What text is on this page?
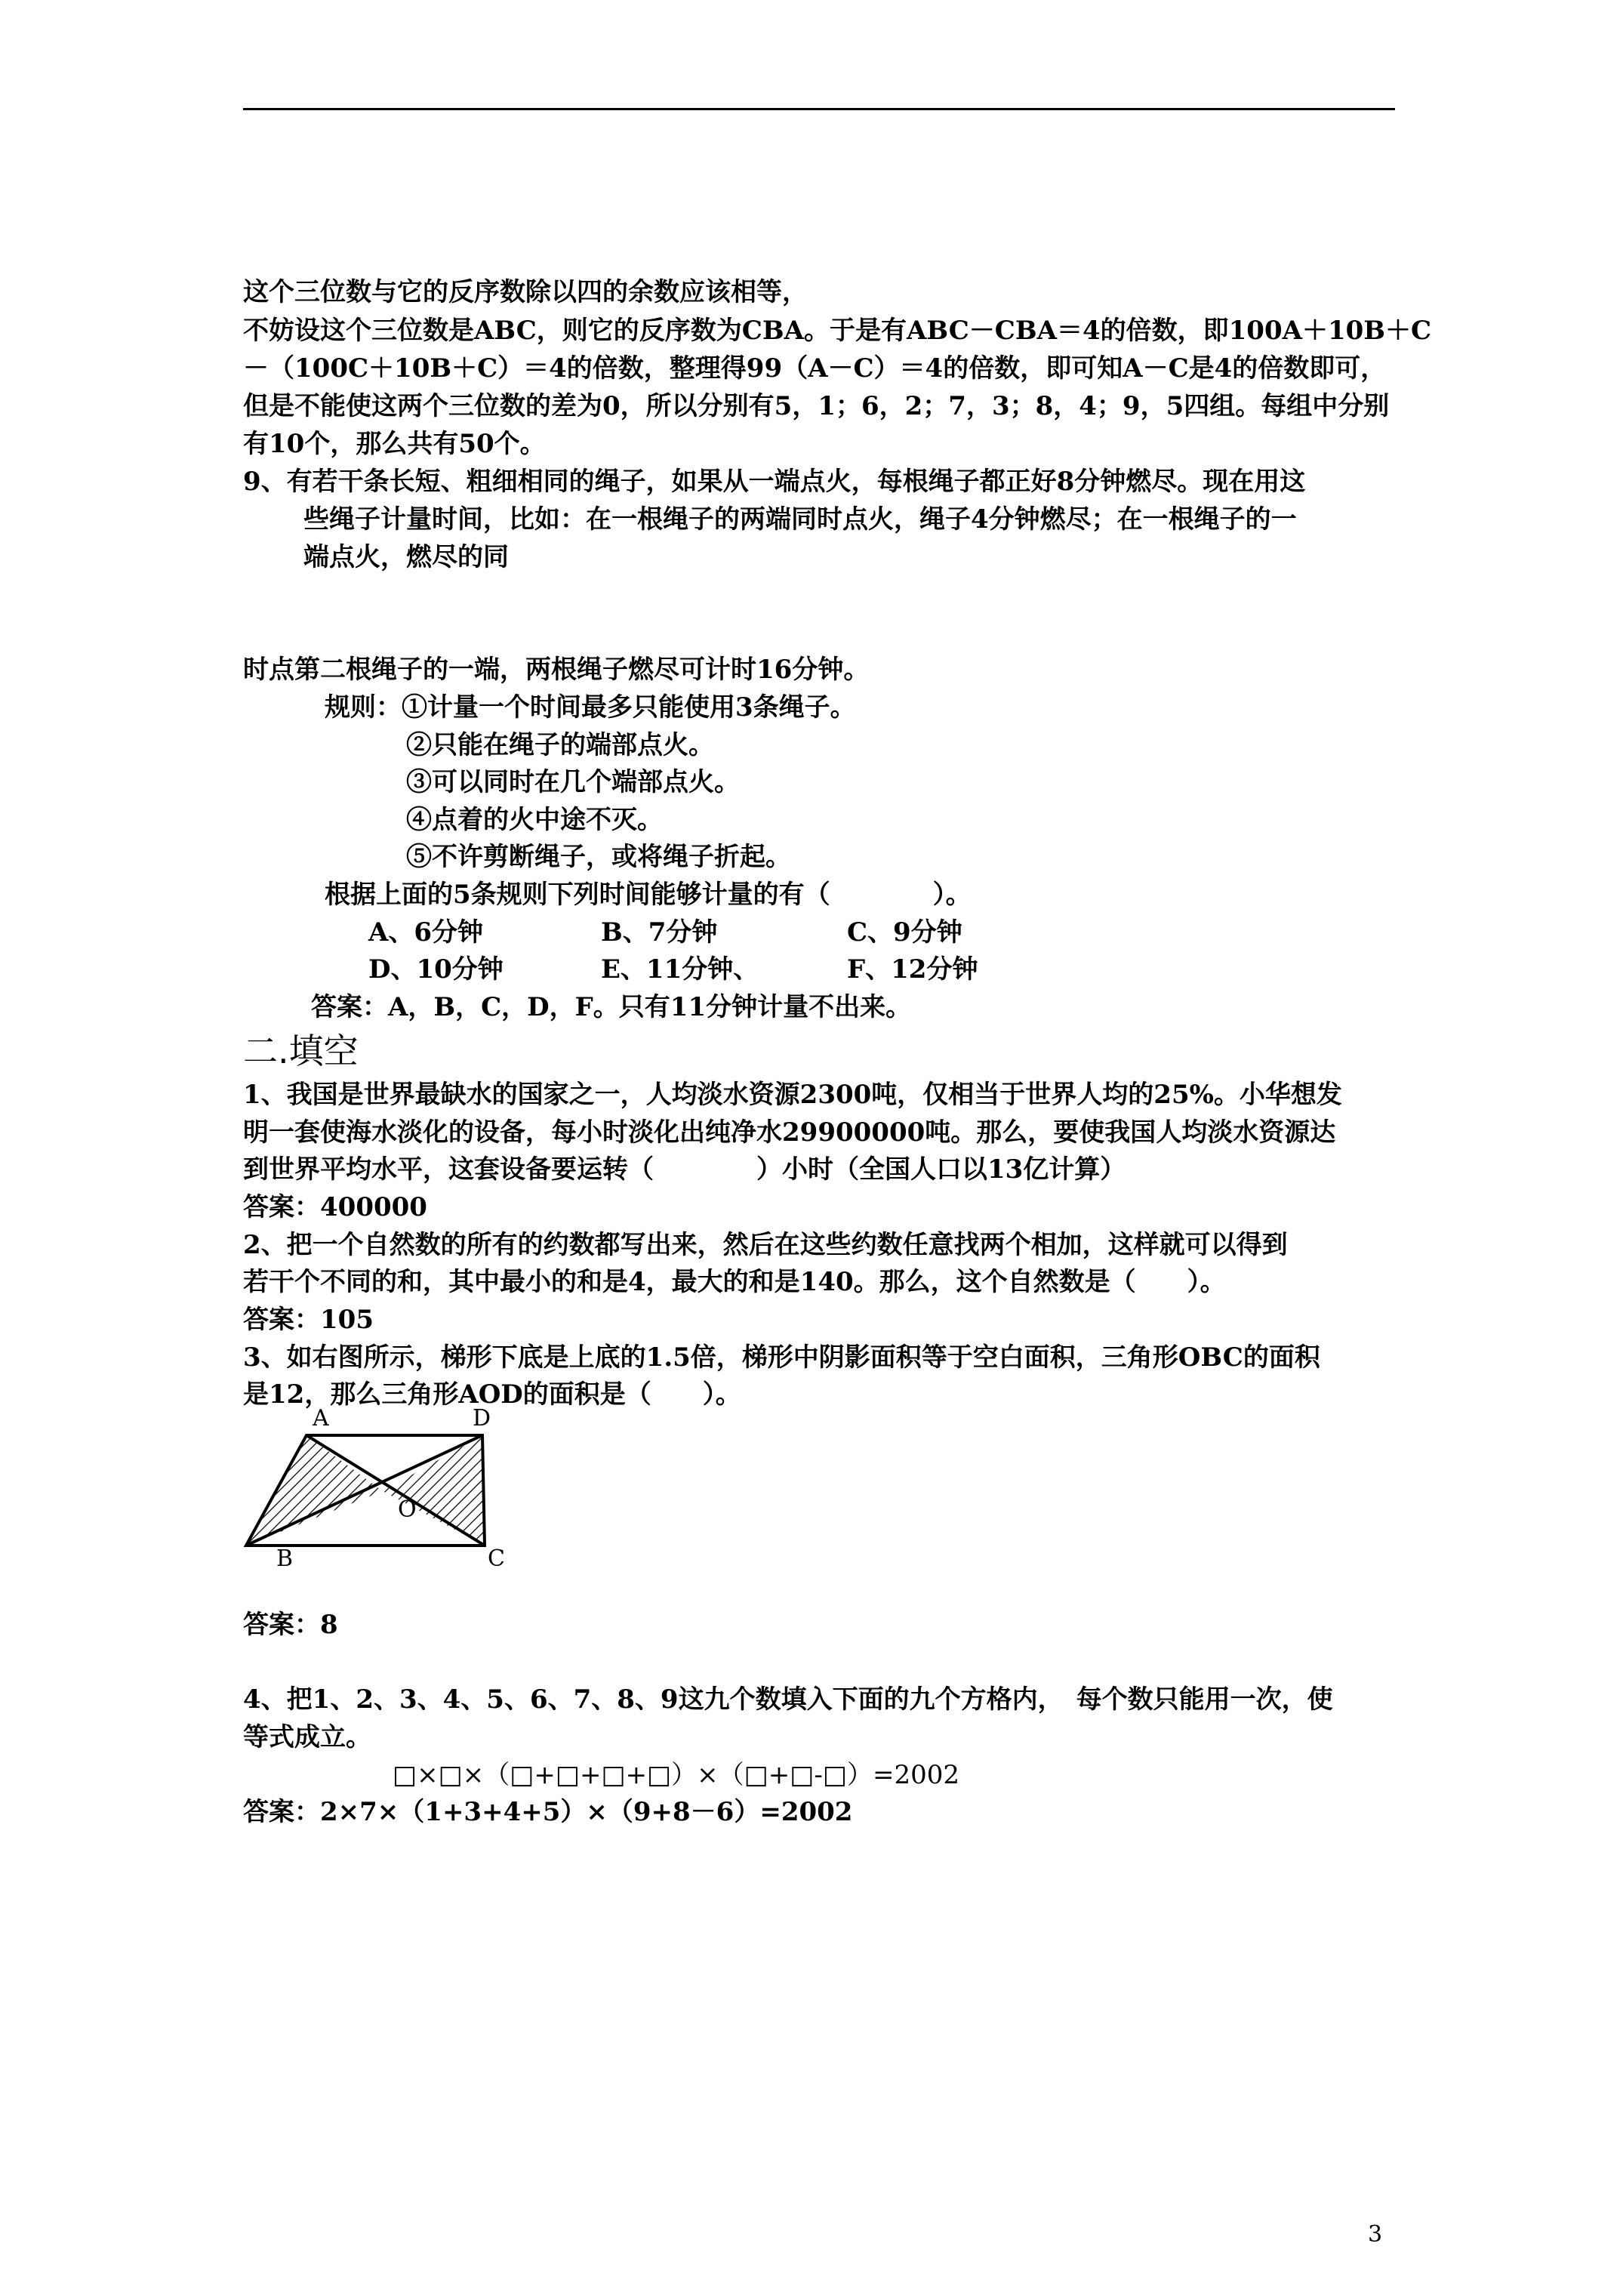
这个三位数与它的反序数除以四的余数应该相等，
不妨设这个三位数是ABC，则它的反序数为CBA。于是有ABC－CBA＝4的倍数，即100A＋10B＋C
－（100C＋10B＋C）＝4的倍数，整理得99（A－C）＝4的倍数，即可知A－C是4的倍数即可，
但是不能使这两个三位数的差为0，所以分别有5，1；6，2；7，3；8，4；9，5四组。每组中分别
有10个，那么共有50个。
9、有若干条长短、粗细相同的绳子，如果从一端点火，每根绳子都正好8分钟燃尽。现在用这
些绳子计量时间，比如：在一根绳子的两端同时点火，绳子4分钟燃尽；在一根绳子的一
端点火，燃尽的同
时点第二根绳子的一端，两根绳子燃尽可计时16分钟。
规则：①计量一个时间最多只能使用3条绳子。
②只能在绳子的端部点火。
③可以同时在几个端部点火。
④点着的火中途不灭。
⑤不许剪断绳子，或将绳子折起。
根据上面的5条规则下列时间能够计量的有（　　　　）。
A、6分钟	B、7分钟	C、9分钟
D、10分钟	E、11分钟、	F、12分钟
答案：A，B，C，D，F。只有11分钟计量不出来。
二.填空
1、我国是世界最缺水的国家之一，人均淡水资源2300吨，仅相当于世界人均的25%。小华想发
明一套使海水淡化的设备，每小时淡化出纯净水29900000吨。那么，要使我国人均淡水资源达
到世界平均水平，这套设备要运转（　　　　）小时（全国人口以13亿计算）
答案：400000
2、把一个自然数的所有的约数都写出来，然后在这些约数任意找两个相加，这样就可以得到
若干个不同的和，其中最小的和是4，最大的和是140。那么，这个自然数是（　　）。
答案：105
3、如右图所示，梯形下底是上底的1.5倍，梯形中阴影面积等于空白面积，三角形OBC的面积
是12，那么三角形AOD的面积是（　　）。
A	D
O
B	C
答案：8
4、把1、2、3、4、5、6、7、8、9这九个数填入下面的九个方格内，　每个数只能用一次，使
等式成立。
□×□×（□+□+□+□）×（□+□-□）=2002
答案：2×7×（1+3+4+5）×（9+8－6）=2002
3
